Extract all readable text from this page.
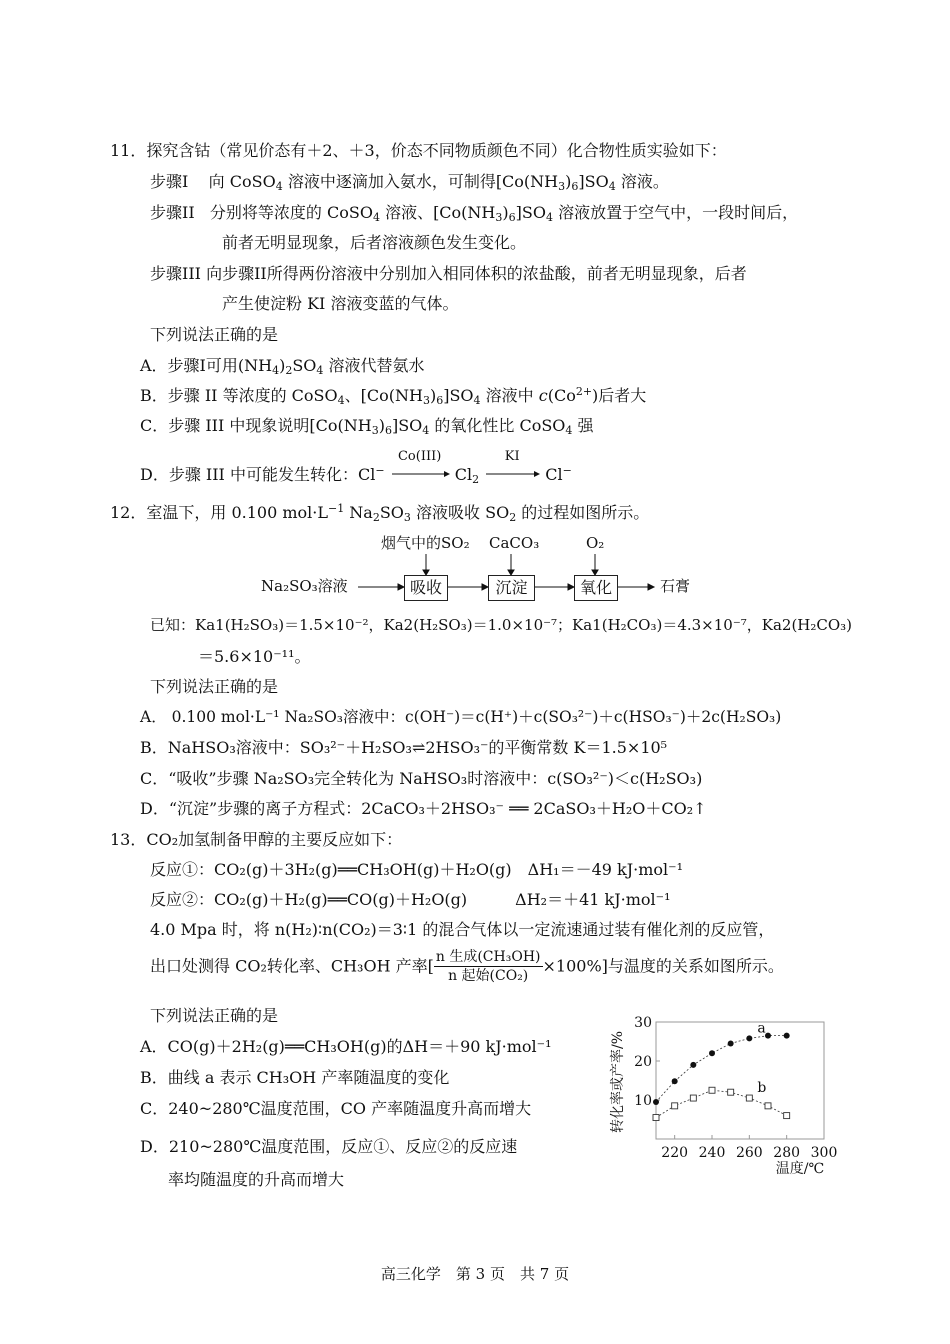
11．探究含钴（常见价态有＋2、＋3，价态不同物质颜色不同）化合物性质实验如下：
步骤I 向 CoSO$_4$ 溶液中逐滴加入氨水，可制得$[Co(NH_3)_6]SO_4$ 溶液。
步骤II 分别将等浓度的 CoSO$_4$ 溶液、$[Co(NH_3)_6]SO_4$ 溶液放置于空气中，一段时间后，
前者无明显现象，后者溶液颜色发生变化。
步骤III 向步骤II所得两份溶液中分别加入相同体积的浓盐酸，前者无明显现象，后者
产生使淀粉 KI 溶液变蓝的气体。
下列说法正确的是
A．步骤I可用$(NH_4)_2SO_4$ 溶液代替氨水
B．步骤 II 等浓度的 CoSO$_4$、$[Co(NH_3)_6]SO_4$ 溶液中 $c(Co^{2+})$后者大
C．步骤 III 中现象说明$[Co(NH_3)_6]SO_4$ 的氧化性比 CoSO$_4$ 强
D．步骤 III 中可能发生转化：Cl−
Co(III)
$Cl_2$
KI
Cl−
12．室温下，用 0.100 $mol\cdot L^{-1}$ $Na_2SO_3$ 溶液吸收 $SO_2$ 的过程如图所示。
Na₂SO₃溶液	吸收	沉淀	氧化	石膏
烟气中的SO₂ CaCO₃	O₂
已知：Ka1(H₂SO₃)＝1.5×10⁻²，Ka2(H₂SO₃)＝1.0×10⁻⁷；Ka1(H₂CO₃)＝4.3×10⁻⁷，Ka2(H₂CO₃)
＝5.6×10⁻¹¹。
下列说法正确的是
A． 0.100 mol·L⁻¹ Na₂SO₃溶液中：c(OH⁻)＝c(H⁺)＋c(SO₃²⁻)＋c(HSO₃⁻)＋2c(H₂SO₃)
B．NaHSO₃溶液中：SO₃²⁻＋H₂SO₃⇌2HSO₃⁻的平衡常数 K＝1.5×10⁵
C．“吸收”步骤 Na₂SO₃完全转化为 NaHSO₃时溶液中：c(SO₃²⁻)＜c(H₂SO₃)
D．“沉淀”步骤的离子方程式：2CaCO₃＋2HSO₃⁻ ══ 2CaSO₃＋H₂O＋CO₂↑
13．CO₂加氢制备甲醇的主要反应如下：
反应①：CO₂(g)＋3H₂(g)══CH₃OH(g)＋H₂O(g)　ΔH₁＝－49 kJ·mol⁻¹
反应②：CO₂(g)＋H₂(g)══CO(g)＋H₂O(g)　　　ΔH₂＝＋41 kJ·mol⁻¹
4.0 Mpa 时，将 n(H₂)∶n(CO₂)＝3∶1 的混合气体以一定流速通过装有催化剂的反应管，
出口处测得 CO₂转化率、CH₃OH 产率[ $\frac{\text{n 生成(CH₃OH)}}{\text{n 起始(CO₂)}} \times 100\%$]与温度的关系如图所示。
下列说法正确的是
A．CO(g)＋2H₂(g)══CH₃OH(g)的ΔH＝＋90 kJ·mol⁻¹
B．曲线 a 表示 CH₃OH 产率随温度的变化
C．240~280℃温度范围，CO 产率随温度升高而增大
D．210~280℃温度范围，反应①、反应②的反应速
率均随温度的升高而增大
10
20
30
220 240 260 280 300
a
b
转化率或产率/%
温度/℃
高三化学　第 3 页　共 7 页
